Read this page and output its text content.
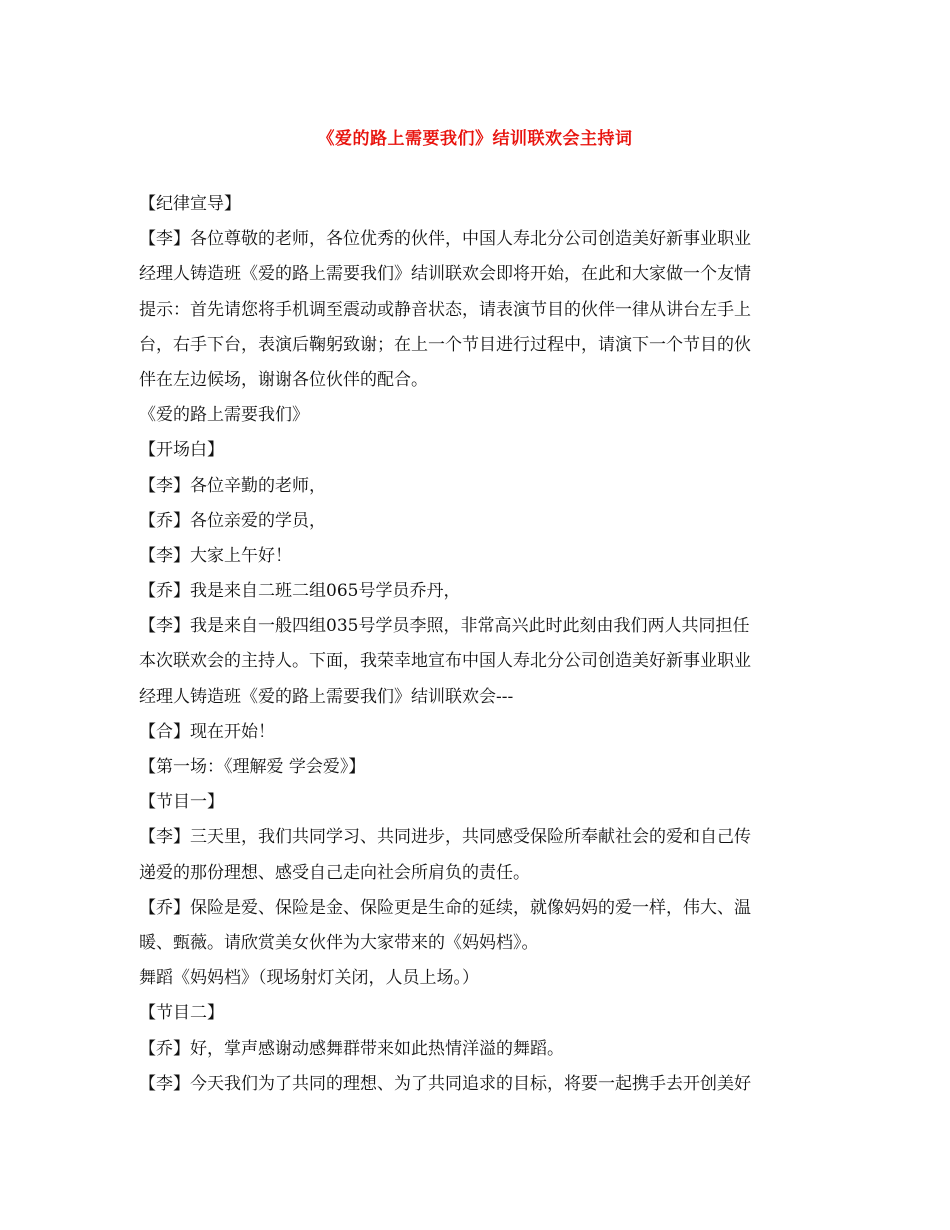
《爱的路上需要我们》结训联欢会主持词
【纪律宣导】
【李】各位尊敬的老师，各位优秀的伙伴，中国人寿北分公司创造美好新事业职业
经理人铸造班《爱的路上需要我们》结训联欢会即将开始，在此和大家做一个友情
提示：首先请您将手机调至震动或静音状态，请表演节目的伙伴一律从讲台左手上
台，右手下台，表演后鞠躬致谢；在上一个节目进行过程中，请演下一个节目的伙
伴在左边候场，谢谢各位伙伴的配合。
《爱的路上需要我们》
【开场白】
【李】各位辛勤的老师，
【乔】各位亲爱的学员，
【李】大家上午好！
【乔】我是来自二班二组065号学员乔丹，
【李】我是来自一般四组035号学员李照，非常高兴此时此刻由我们两人共同担任
本次联欢会的主持人。下面，我荣幸地宣布中国人寿北分公司创造美好新事业职业
经理人铸造班《爱的路上需要我们》结训联欢会---
【合】现在开始！
【第一场：《理解爱 学会爱》】
【节目一】
【李】三天里，我们共同学习、共同进步，共同感受保险所奉献社会的爱和自己传
递爱的那份理想、感受自己走向社会所肩负的责任。
【乔】保险是爱、保险是金、保险更是生命的延续，就像妈妈的爱一样，伟大、温
暖、甄薇。请欣赏美女伙伴为大家带来的《妈妈档》。
舞蹈《妈妈档》（现场射灯关闭，人员上场。）
【节目二】
【乔】好，掌声感谢动感舞群带来如此热情洋溢的舞蹈。
【李】今天我们为了共同的理想、为了共同追求的目标，将要一起携手去开创美好
